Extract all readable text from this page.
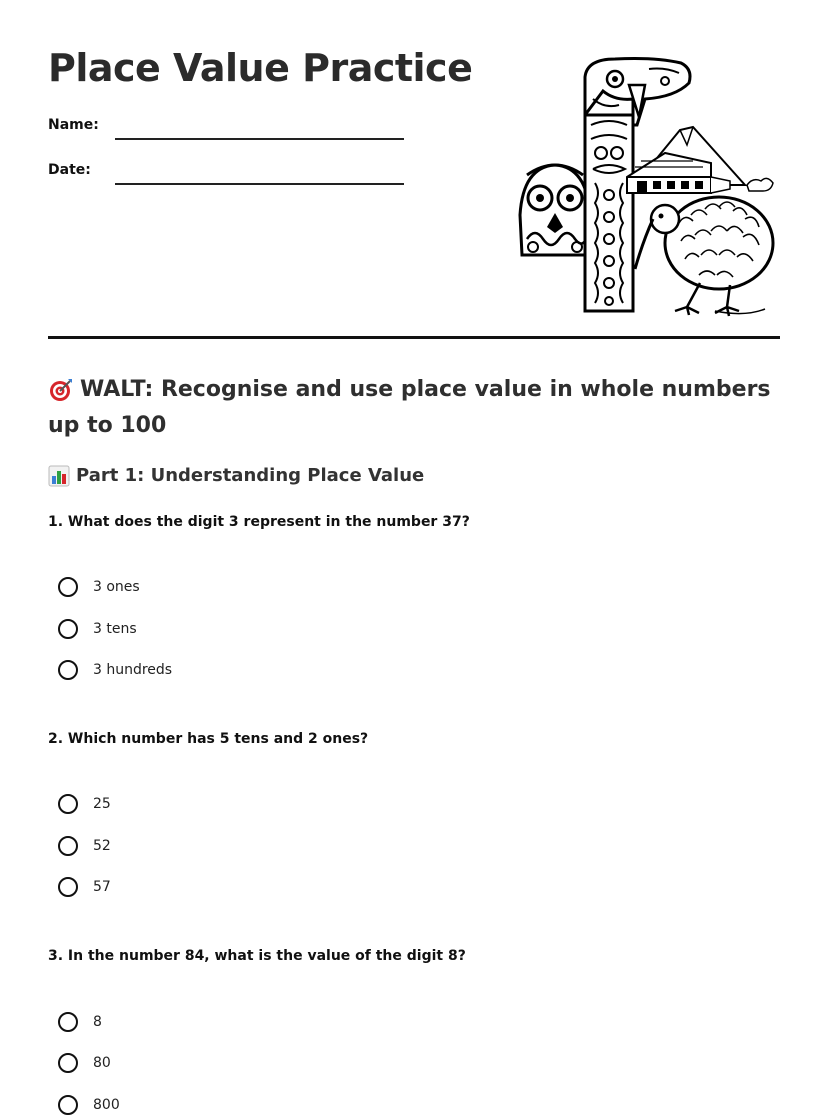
Place Value Practice
Name:
Date:
WALT: Recognise and use place value in whole numbers up to 100
Part 1: Understanding Place Value

1. What does the digit 3 represent in the number 37?

3 ones
3 tens
3 hundreds

2. Which number has 5 tens and 2 ones?

25
52
57

3. In the number 84, what is the value of the digit 8?

8
80
800
